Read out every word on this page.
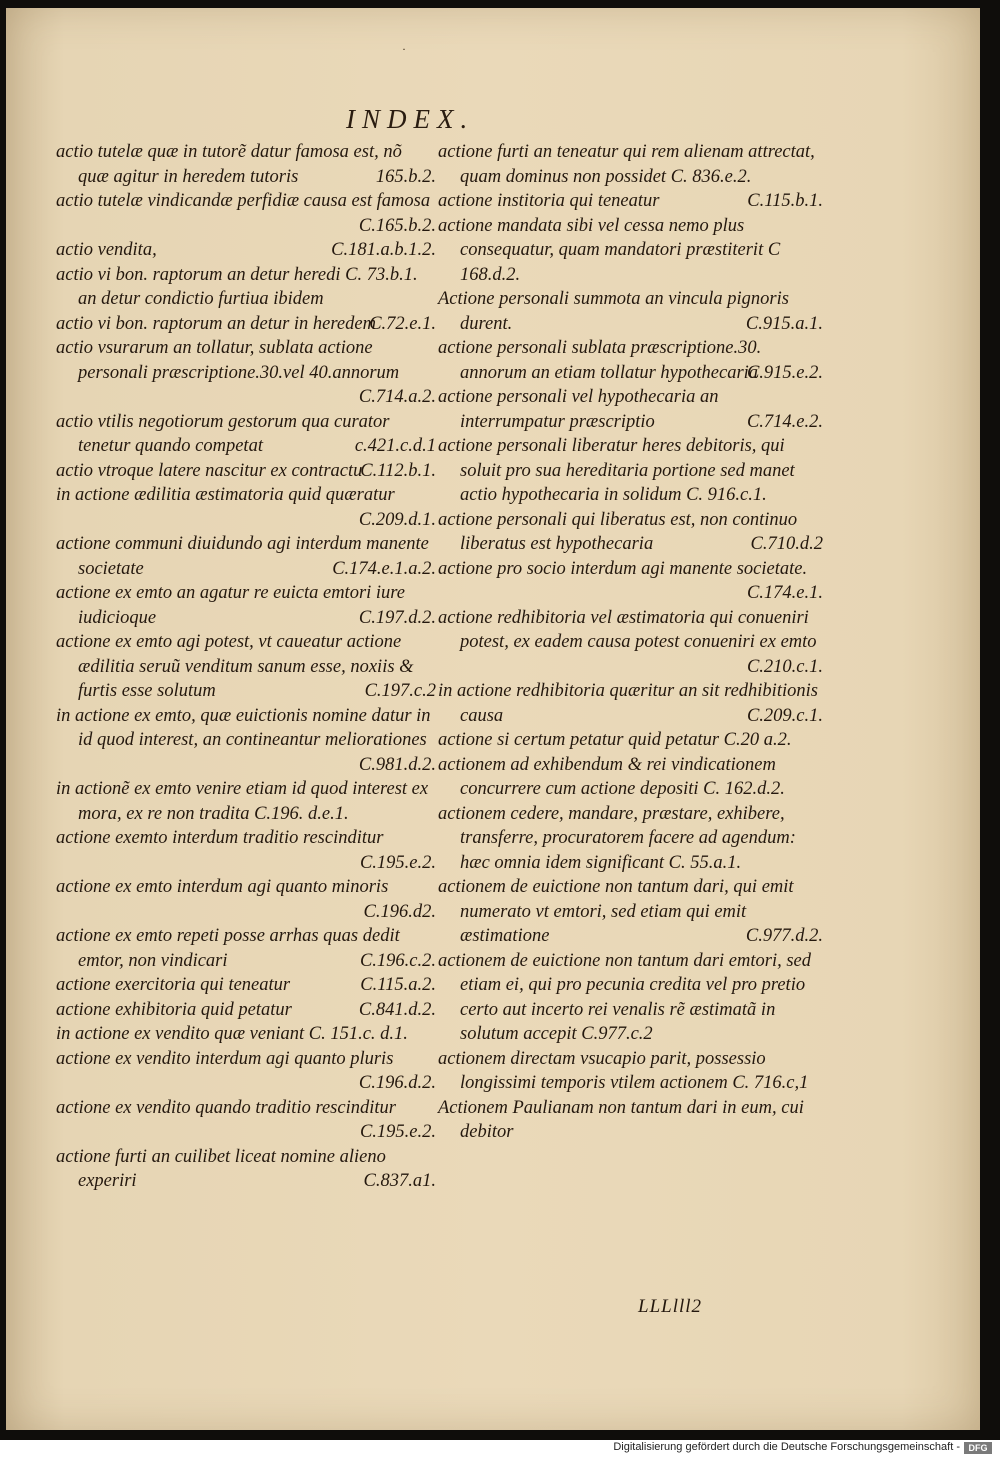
·
INDEX.

actio tutelæ quæ in tutorẽ datur famosa est, nõ quæ agitur in heredem tutoris	165.b.2.

actio tutelæ vindicandæ perfidiæ causa est famosa
C.165.b.2.

actio vendita,	C.181.a.b.1.2.

actio vi bon. raptorum an detur heredi C. 73.b.1. an detur condictio furtiua ibidem

actio vi bon. raptorum an detur in heredem
C.72.e.1.

actio vsurarum an tollatur, sublata actione personali præscriptione.30.vel 40.annorum
C.714.a.2.

actio vtilis negotiorum gestorum qua curator tenetur quando competat	c.421.c.d.1

actio vtroque latere nascitur ex contractu
C.112.b.1.

in actione ædilitia æstimatoria quid quæratur
C.209.d.1.

actione communi diuidundo agi interdum manente societate	C.174.e.1.a.2.

actione ex emto an agatur re euicta emtori iure iudicioque	C.197.d.2.

actione ex emto agi potest, vt caueatur actione ædilitia seruũ venditum sanum esse, noxiis & furtis esse solutum	C.197.c.2

in actione ex emto, quæ euictionis nomine datur in id quod interest, an contineantur meliorationes
C.981.d.2.

in actionẽ ex emto venire etiam id quod interest ex mora, ex re non tradita C.196. d.e.1.

actione exemto interdum traditio rescinditur
C.195.e.2.

actione ex emto interdum agi quanto minoris
C.196.d2.

actione ex emto repeti posse arrhas quas dedit emtor, non vindicari	C.196.c.2.

actione exercitoria qui teneatur	C.115.a.2.

actione exhibitoria quid petatur	C.841.d.2.

in actione ex vendito quæ veniant C. 151.c. d.1.

actione ex vendito interdum agi quanto pluris
C.196.d.2.

actione ex vendito quando traditio rescinditur
C.195.e.2.

actione furti an cuilibet liceat nomine alieno experiri	C.837.a1.

actione furti an teneatur qui rem alienam attrectat, quam dominus non possidet C. 836.e.2.

actione institoria qui teneatur	C.115.b.1.

actione mandata sibi vel cessa nemo plus consequatur, quam mandatori præstiterit C 168.d.2.

Actione personali summota an vincula pignoris durent.	C.915.a.1.

actione personali sublata præscriptione.30. annorum an etiam tollatur hypothecaria
C.915.e.2.

actione personali vel hypothecaria an interrumpatur præscriptio	C.714.e.2.

actione personali liberatur heres debitoris, qui soluit pro sua hereditaria portione sed manet actio hypothecaria in solidum C. 916.c.1.

actione personali qui liberatus est, non continuo liberatus est hypothecaria	C.710.d.2

actione pro socio interdum agi manente societate.
C.174.e.1.

actione redhibitoria vel æstimatoria qui conueniri potest, ex eadem causa potest conueniri ex emto
C.210.c.1.

in actione redhibitoria quæritur an sit redhibitionis causa	C.209.c.1.

actione si certum petatur quid petatur C.20 a.2.

actionem ad exhibendum & rei vindicationem concurrere cum actione depositi C. 162.d.2.

actionem cedere, mandare, præstare, exhibere, transferre, procuratorem facere ad agendum: hæc omnia idem significant C. 55.a.1.

actionem de euictione non tantum dari, qui emit numerato vt emtori, sed etiam qui emit æstimatione	C.977.d.2.

actionem de euictione non tantum dari emtori, sed etiam ei, qui pro pecunia credita vel pro pretio certo aut incerto rei venalis rẽ æstimatã in solutum accepit C.977.c.2

actionem directam vsucapio parit, possessio longissimi temporis vtilem actionem C. 716.c,1

Actionem Paulianam non tantum dari in eum, cui debitor

LLLlll2
Digitalisierung gefördert durch die Deutsche Forschungsgemeinschaft - DFG
